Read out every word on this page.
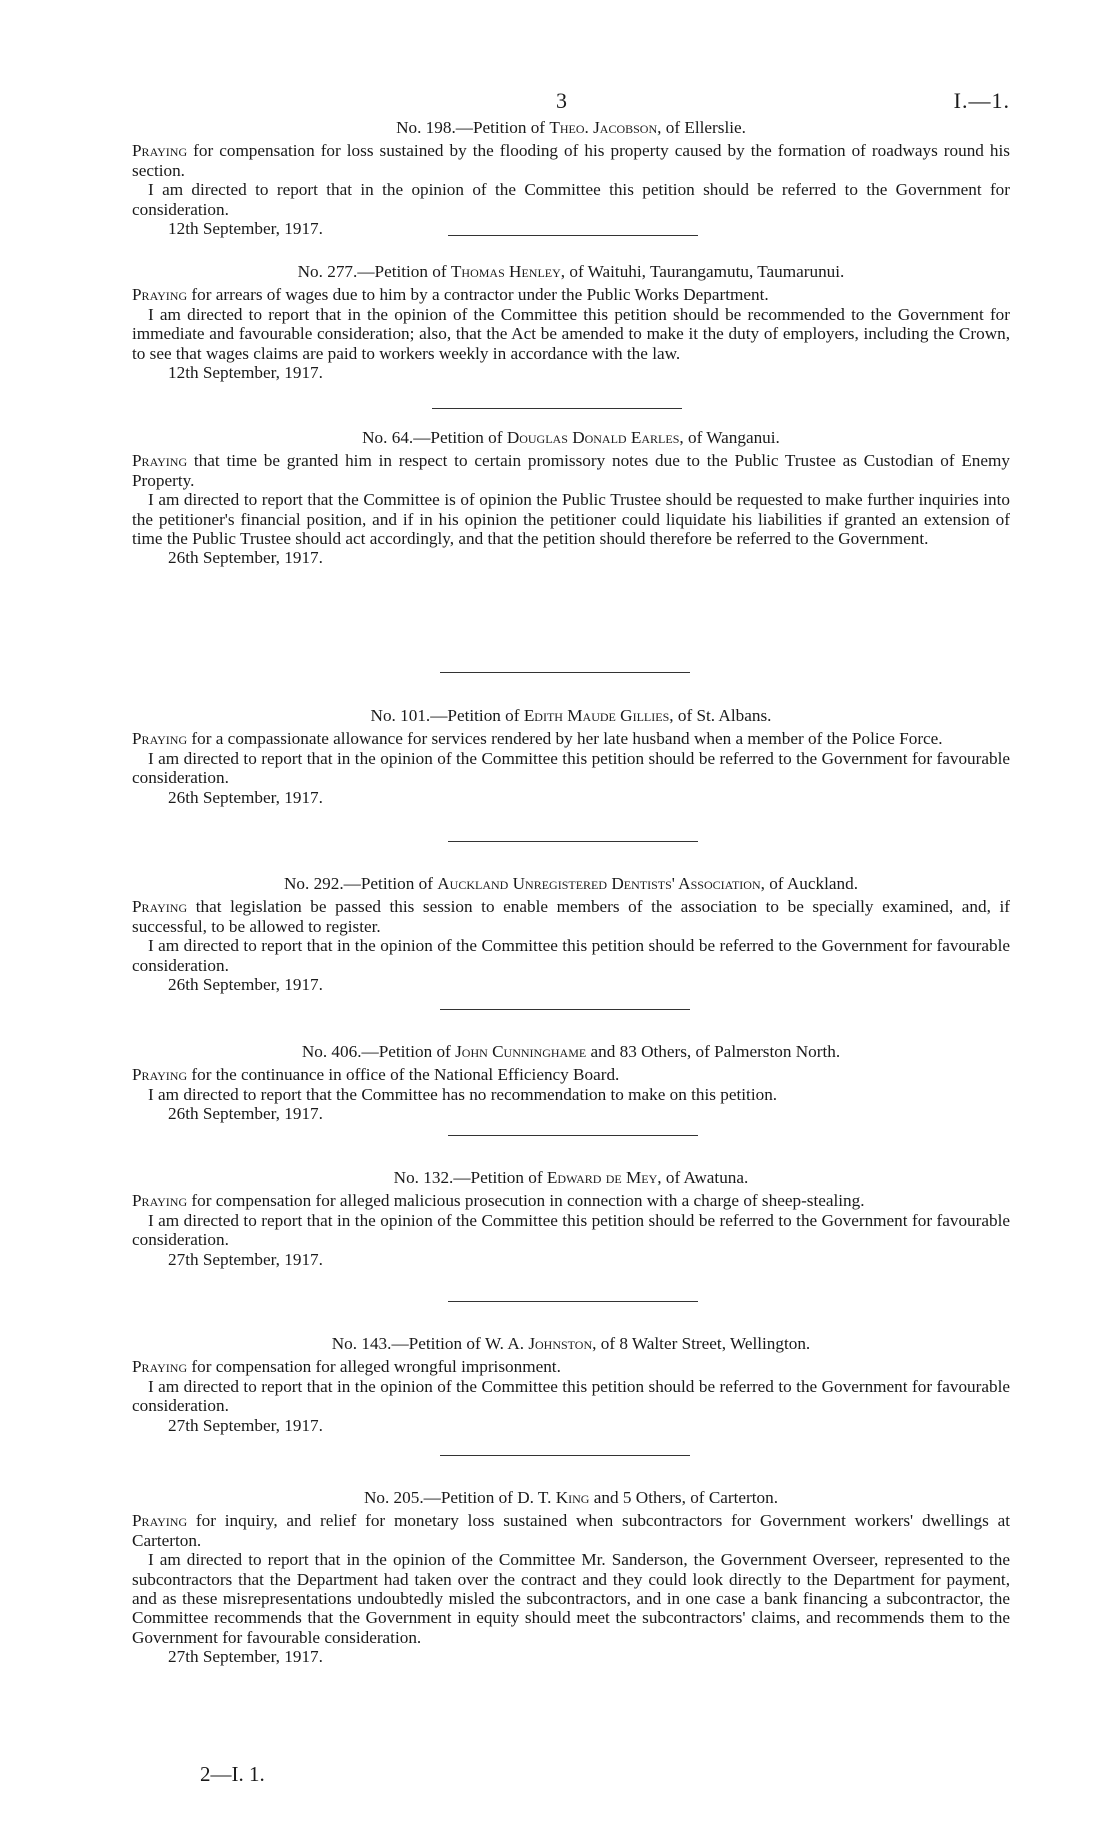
3	I.—1.
No. 198.—Petition of Theo. Jacobson, of Ellerslie.

Praying for compensation for loss sustained by the flooding of his property caused by the formation of roadways round his section.

I am directed to report that in the opinion of the Committee this petition should be referred to the Government for consideration.

12th September, 1917.

No. 277.—Petition of Thomas Henley, of Waituhi, Taurangamutu, Taumarunui.

Praying for arrears of wages due to him by a contractor under the Public Works Department.

I am directed to report that in the opinion of the Committee this petition should be recommended to the Government for immediate and favourable consideration; also, that the Act be amended to make it the duty of employers, including the Crown, to see that wages claims are paid to workers weekly in accordance with the law.

12th September, 1917.

No. 64.—Petition of Douglas Donald Earles, of Wanganui.

Praying that time be granted him in respect to certain promissory notes due to the Public Trustee as Custodian of Enemy Property.

I am directed to report that the Committee is of opinion the Public Trustee should be requested to make further inquiries into the petitioner's financial position, and if in his opinion the petitioner could liquidate his liabilities if granted an extension of time the Public Trustee should act accordingly, and that the petition should therefore be referred to the Government.

26th September, 1917.

No. 101.—Petition of Edith Maude Gillies, of St. Albans.

Praying for a compassionate allowance for services rendered by her late husband when a member of the Police Force.

I am directed to report that in the opinion of the Committee this petition should be referred to the Government for favourable consideration.

26th September, 1917.

No. 292.—Petition of Auckland Unregistered Dentists' Association, of Auckland.

Praying that legislation be passed this session to enable members of the association to be specially examined, and, if successful, to be allowed to register.

I am directed to report that in the opinion of the Committee this petition should be referred to the Government for favourable consideration.

26th September, 1917.

No. 406.—Petition of John Cunninghame and 83 Others, of Palmerston North.

Praying for the continuance in office of the National Efficiency Board.

I am directed to report that the Committee has no recommendation to make on this petition.

26th September, 1917.

No. 132.—Petition of Edward de Mey, of Awatuna.

Praying for compensation for alleged malicious prosecution in connection with a charge of sheep-stealing.

I am directed to report that in the opinion of the Committee this petition should be referred to the Government for favourable consideration.

27th September, 1917.

No. 143.—Petition of W. A. Johnston, of 8 Walter Street, Wellington.

Praying for compensation for alleged wrongful imprisonment.

I am directed to report that in the opinion of the Committee this petition should be referred to the Government for favourable consideration.

27th September, 1917.

No. 205.—Petition of D. T. King and 5 Others, of Carterton.

Praying for inquiry, and relief for monetary loss sustained when subcontractors for Government workers' dwellings at Carterton.

I am directed to report that in the opinion of the Committee Mr. Sanderson, the Government Overseer, represented to the subcontractors that the Department had taken over the contract and they could look directly to the Department for payment, and as these misrepresentations undoubtedly misled the subcontractors, and in one case a bank financing a subcontractor, the Committee recommends that the Government in equity should meet the subcontractors' claims, and recommends them to the Government for favourable consideration.

27th September, 1917.

2—I. 1.
